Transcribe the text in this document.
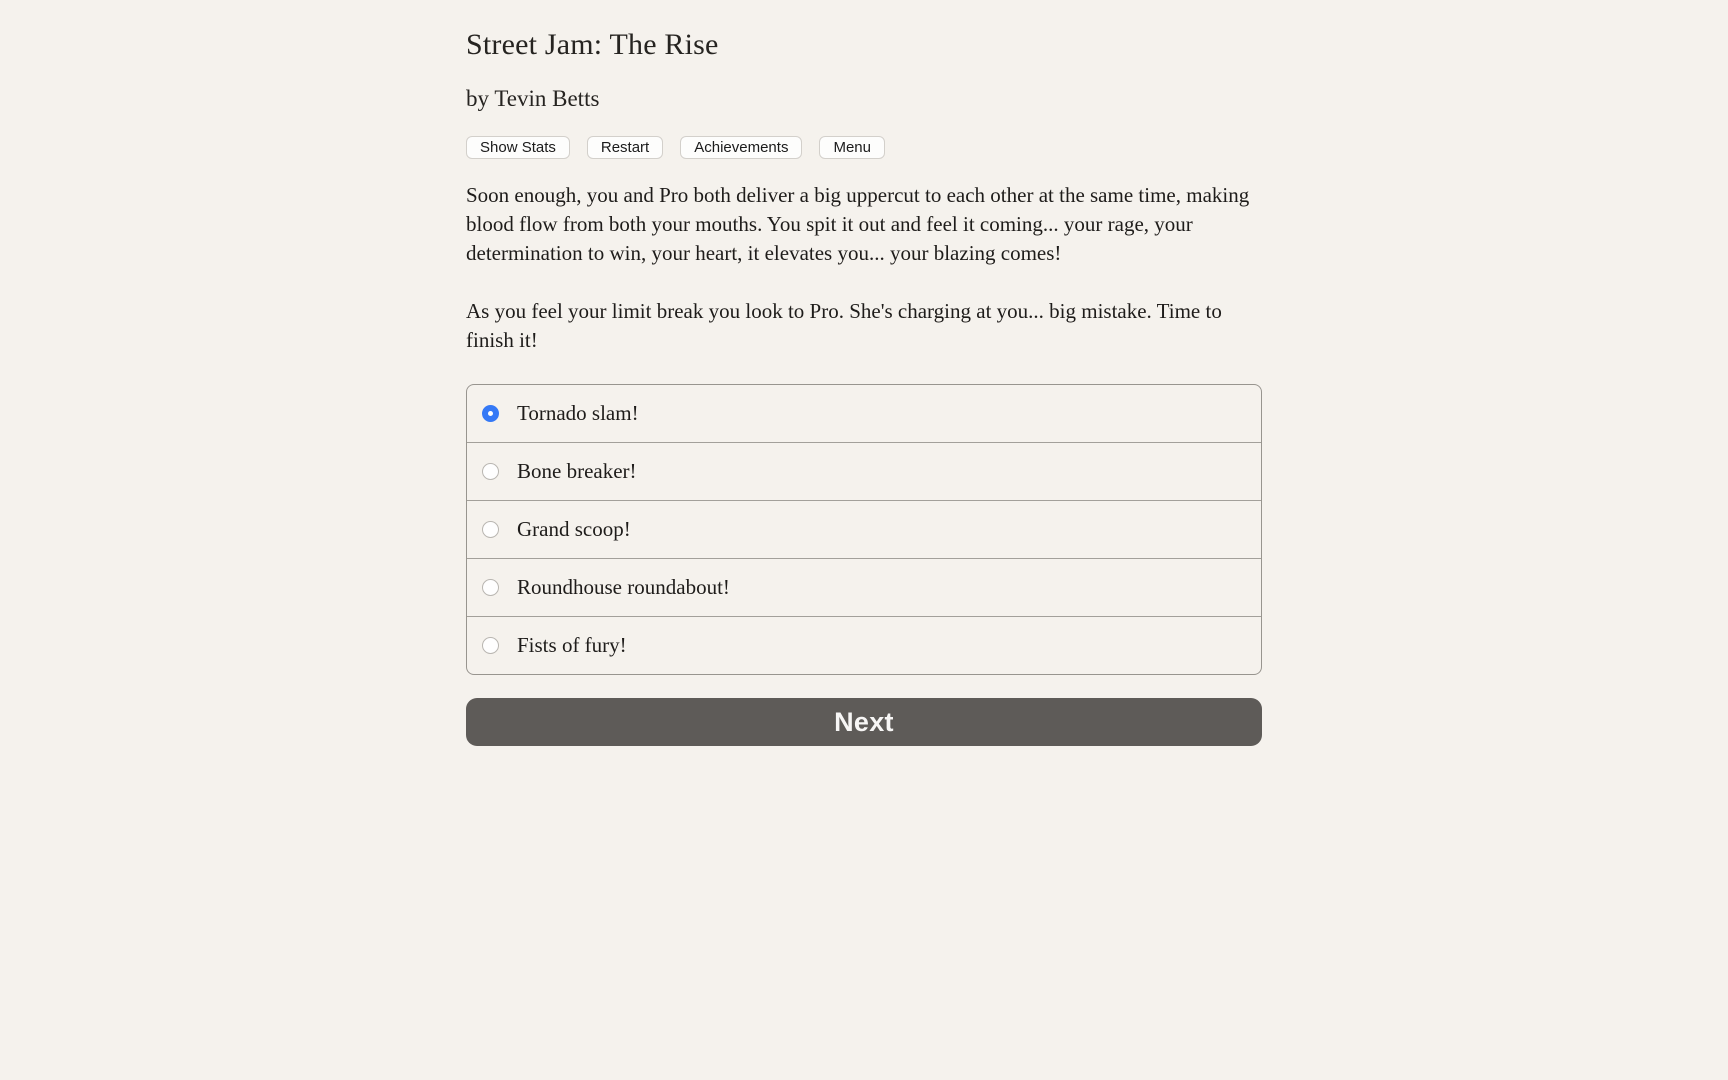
Street Jam: The Rise
by Tevin Betts
Show Stats	Restart	Achievements	Menu

Soon enough, you and Pro both deliver a big uppercut to each other at the same time, making blood flow from both your mouths. You spit it out and feel it coming... your rage, your determination to win, your heart, it elevates you... your blazing comes!

As you feel your limit break you look to Pro. She's charging at you... big mistake. Time to finish it!

Tornado slam!
Bone breaker!
Grand scoop!
Roundhouse roundabout!
Fists of fury!
Next
